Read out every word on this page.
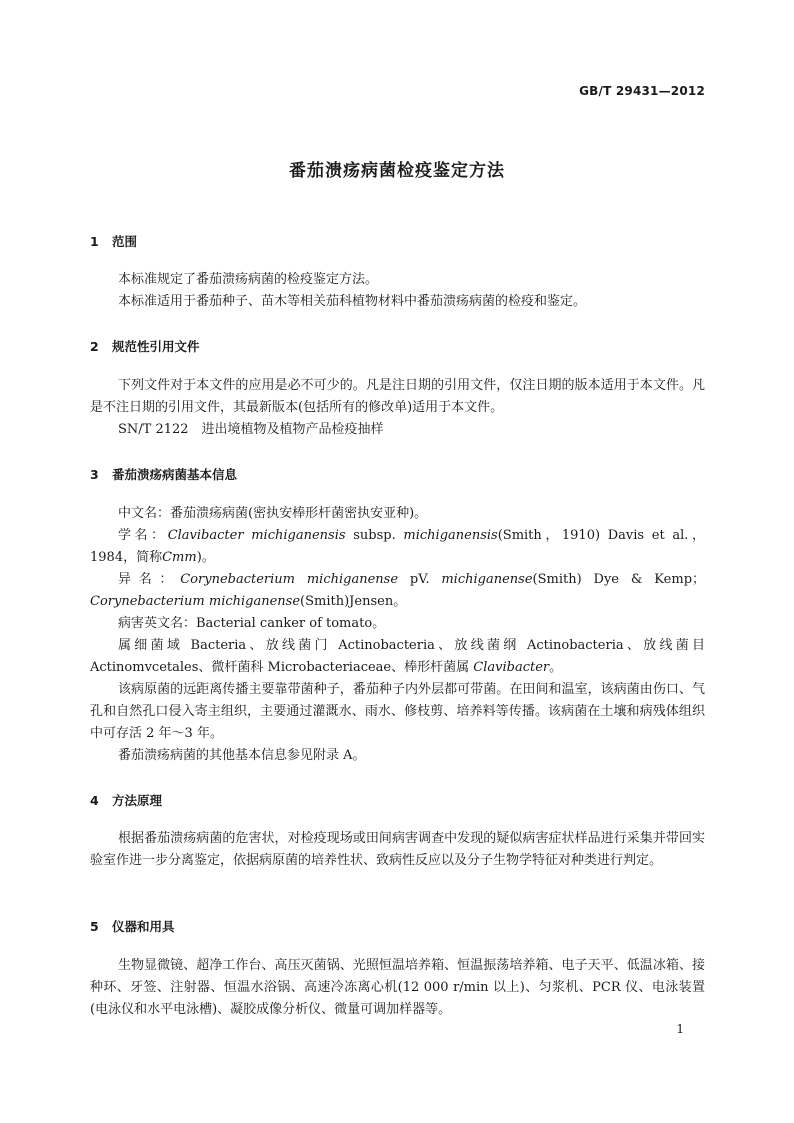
GB/T 29431—2012
番茄溃疡病菌检疫鉴定方法
1 范围
本标准规定了番茄溃疡病菌的检疫鉴定方法。
本标准适用于番茄种子、苗木等相关茄科植物材料中番茄溃疡病菌的检疫和鉴定。
2 规范性引用文件
下列文件对于本文件的应用是必不可少的。凡是注日期的引用文件，仅注日期的版本适用于本文件。凡是不注日期的引用文件，其最新版本(包括所有的修改单)适用于本文件。
SN/T 2122　进出境植物及植物产品检疫抽样
3 番茄溃疡病菌基本信息
中文名：番茄溃疡病菌(密执安棒形杆菌密执安亚种)。
学名：Clavibacter michiganensis subsp. michiganensis(Smith，1910) Davis et al.，1984，简称Cmm)。
异名：Corynebacterium michiganense pV. michiganense(Smith) Dye & Kemp；Corynebacterium michiganense(Smith)Jensen。
病害英文名：Bacterial canker of tomato。
属细菌域 Bacteria、放线菌门 Actinobacteria、放线菌纲 Actinobacteria、放线菌目 Actinomvcetales、微杆菌科 Microbacteriaceae、棒形杆菌属 Clavibacter。
该病原菌的远距离传播主要靠带菌种子，番茄种子内外层都可带菌。在田间和温室，该病菌由伤口、气孔和自然孔口侵入寄主组织，主要通过灌溉水、雨水、修枝剪、培养料等传播。该病菌在土壤和病残体组织中可存活 2 年～3 年。
番茄溃疡病菌的其他基本信息参见附录 A。
4 方法原理
根据番茄溃疡病菌的危害状，对检疫现场或田间病害调查中发现的疑似病害症状样品进行采集并带回实验室作进一步分离鉴定，依据病原菌的培养性状、致病性反应以及分子生物学特征对种类进行判定。
5 仪器和用具
生物显微镜、超净工作台、高压灭菌锅、光照恒温培养箱、恒温振荡培养箱、电子天平、低温冰箱、接种环、牙签、注射器、恒温水浴锅、高速冷冻离心机(12 000 r/min 以上)、匀浆机、PCR 仪、电泳装置(电泳仪和水平电泳槽)、凝胶成像分析仪、微量可调加样器等。
1
